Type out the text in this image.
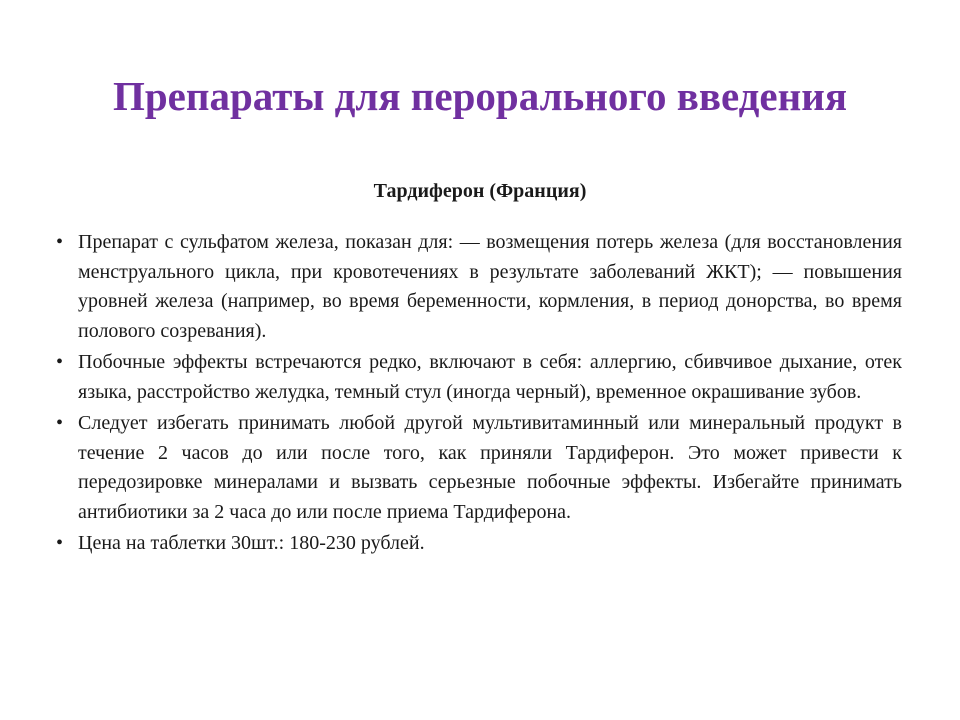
Препараты для перорального введения
Тардиферон (Франция)
• Препарат с сульфатом железа, показан для: — возмещения потерь железа (для восстановления менструального цикла, при кровотечениях в результате заболеваний ЖКТ); — повышения уровней железа (например, во время беременности, кормления, в период донорства, во время полового созревания).
• Побочные эффекты встречаются редко, включают в себя: аллергию, сбивчивое дыхание, отек языка, расстройство желудка, темный стул (иногда черный), временное окрашивание зубов.
• Следует избегать принимать любой другой мультивитаминный или минеральный продукт в течение 2 часов до или после того, как приняли Тардиферон. Это может привести к передозировке минералами и вызвать серьезные побочные эффекты. Избегайте принимать антибиотики за 2 часа до или после приема Тардиферона.
• Цена на таблетки 30шт.: 180-230 рублей.
